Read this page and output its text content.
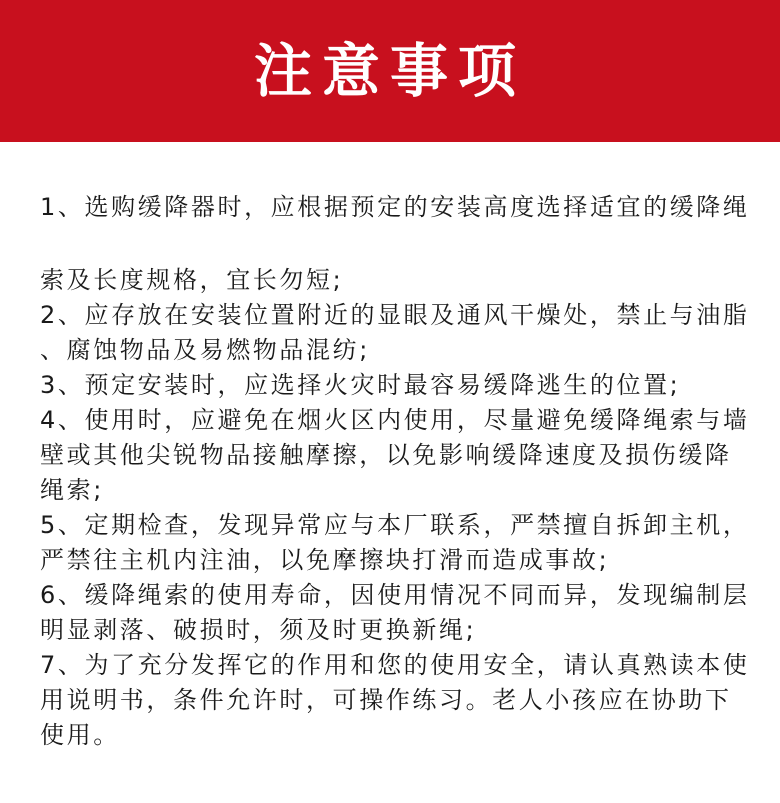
注意事项
1、选购缓降器时，应根据预定的安装高度选择适宜的缓降绳
索及长度规格，宜长勿短;
2、应存放在安装位置附近的显眼及通风干燥处，禁止与油脂
、腐蚀物品及易燃物品混纺;
3、预定安装时，应选择火灾时最容易缓降逃生的位置;
4、使用时，应避免在烟火区内使用，尽量避免缓降绳索与墙
壁或其他尖锐物品接触摩擦，以免影响缓降速度及损伤缓降
绳索;
5、定期检查，发现异常应与本厂联系，严禁擅自拆卸主机，
严禁往主机内注油，以免摩擦块打滑而造成事故;
6、缓降绳索的使用寿命，因使用情况不同而异，发现编制层
明显剥落、破损时，须及时更换新绳;
7、为了充分发挥它的作用和您的使用安全，请认真熟读本使
用说明书，条件允许时，可操作练习。老人小孩应在协助下
使用。
